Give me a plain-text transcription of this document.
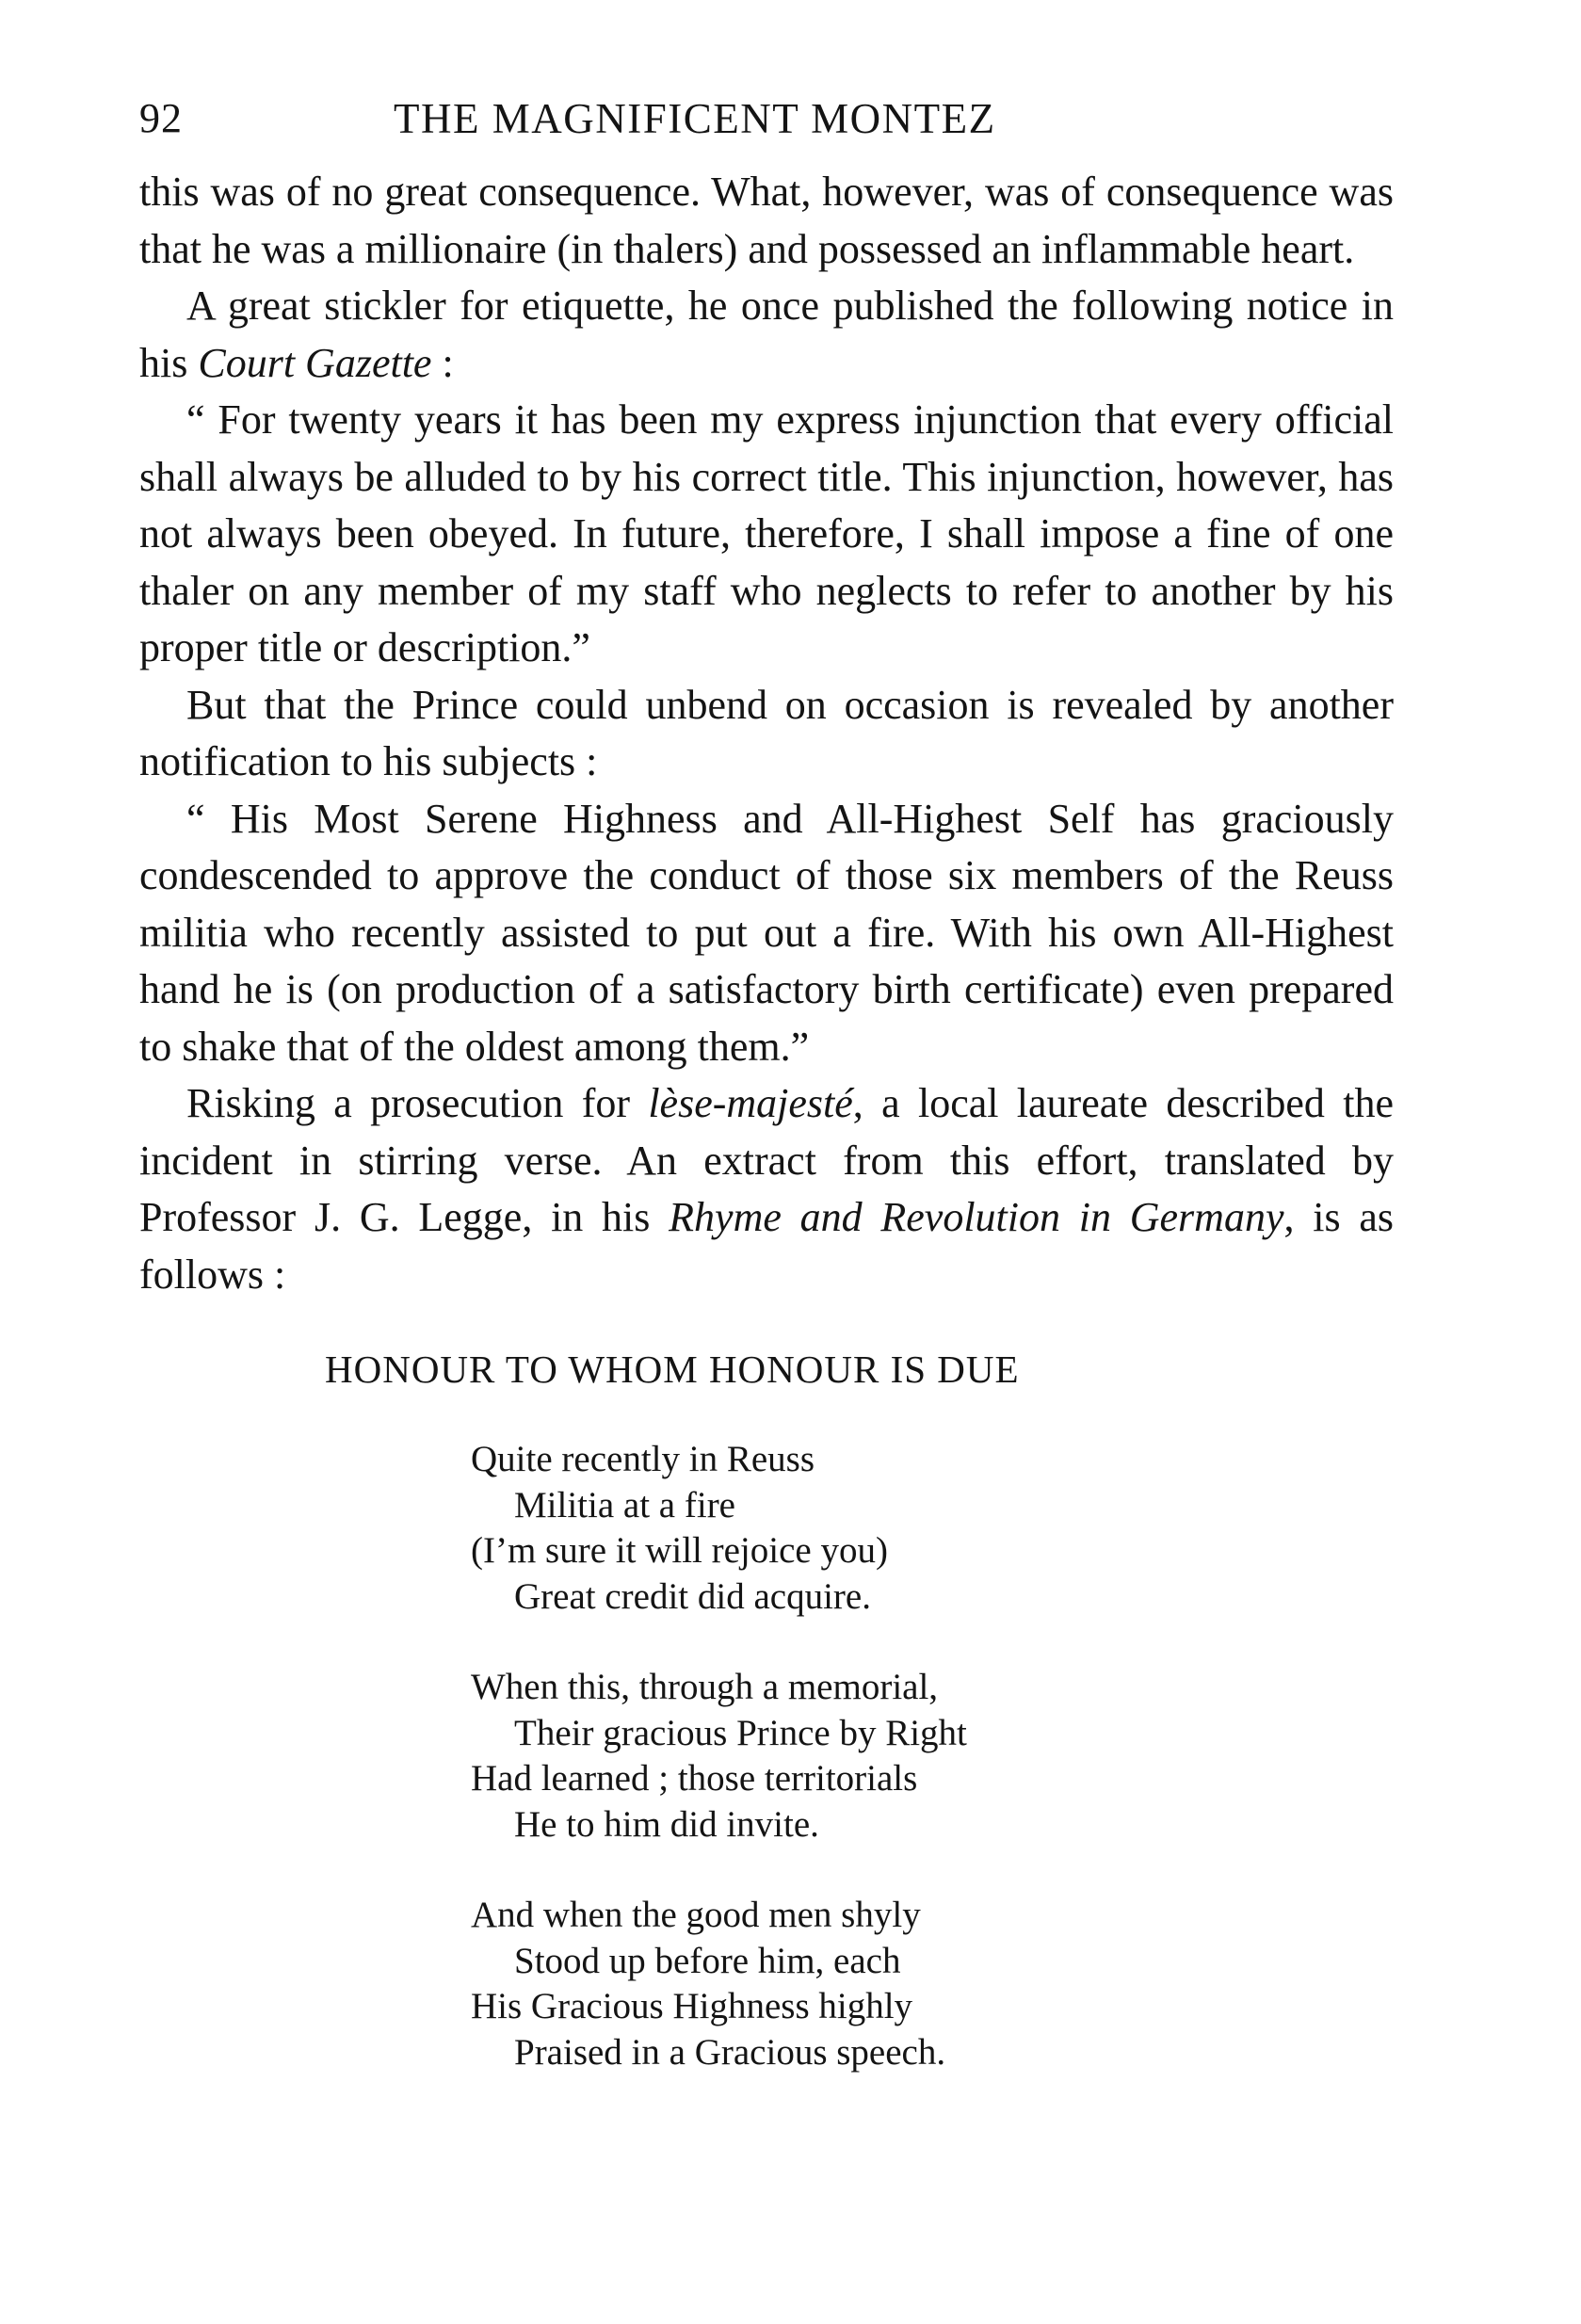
92	THE MAGNIFICENT MONTEZ

this was of no great consequence. What, however, was of consequence was that he was a millionaire (in thalers) and possessed an inflammable heart.

A great stickler for etiquette, he once published the following notice in his Court Gazette :

“ For twenty years it has been my express injunction that every official shall always be alluded to by his correct title. This injunction, however, has not always been obeyed. In future, therefore, I shall impose a fine of one thaler on any member of my staff who neglects to refer to another by his proper title or description.”

But that the Prince could unbend on occasion is revealed by another notification to his subjects :

“ His Most Serene Highness and All-Highest Self has graciously condescended to approve the conduct of those six members of the Reuss militia who recently assisted to put out a fire. With his own All-Highest hand he is (on production of a satisfactory birth certificate) even prepared to shake that of the oldest among them.”

Risking a prosecution for lèse-majesté, a local laureate described the incident in stirring verse. An extract from this effort, translated by Professor J. G. Legge, in his Rhyme and Revolution in Germany, is as follows :

HONOUR TO WHOM HONOUR IS DUE
Quite recently in Reuss
Militia at a fire
(I’m sure it will rejoice you)
Great credit did acquire.
When this, through a memorial,
Their gracious Prince by Right
Had learned ; those territorials
He to him did invite.
And when the good men shyly
Stood up before him, each
His Gracious Highness highly
Praised in a Gracious speech.
